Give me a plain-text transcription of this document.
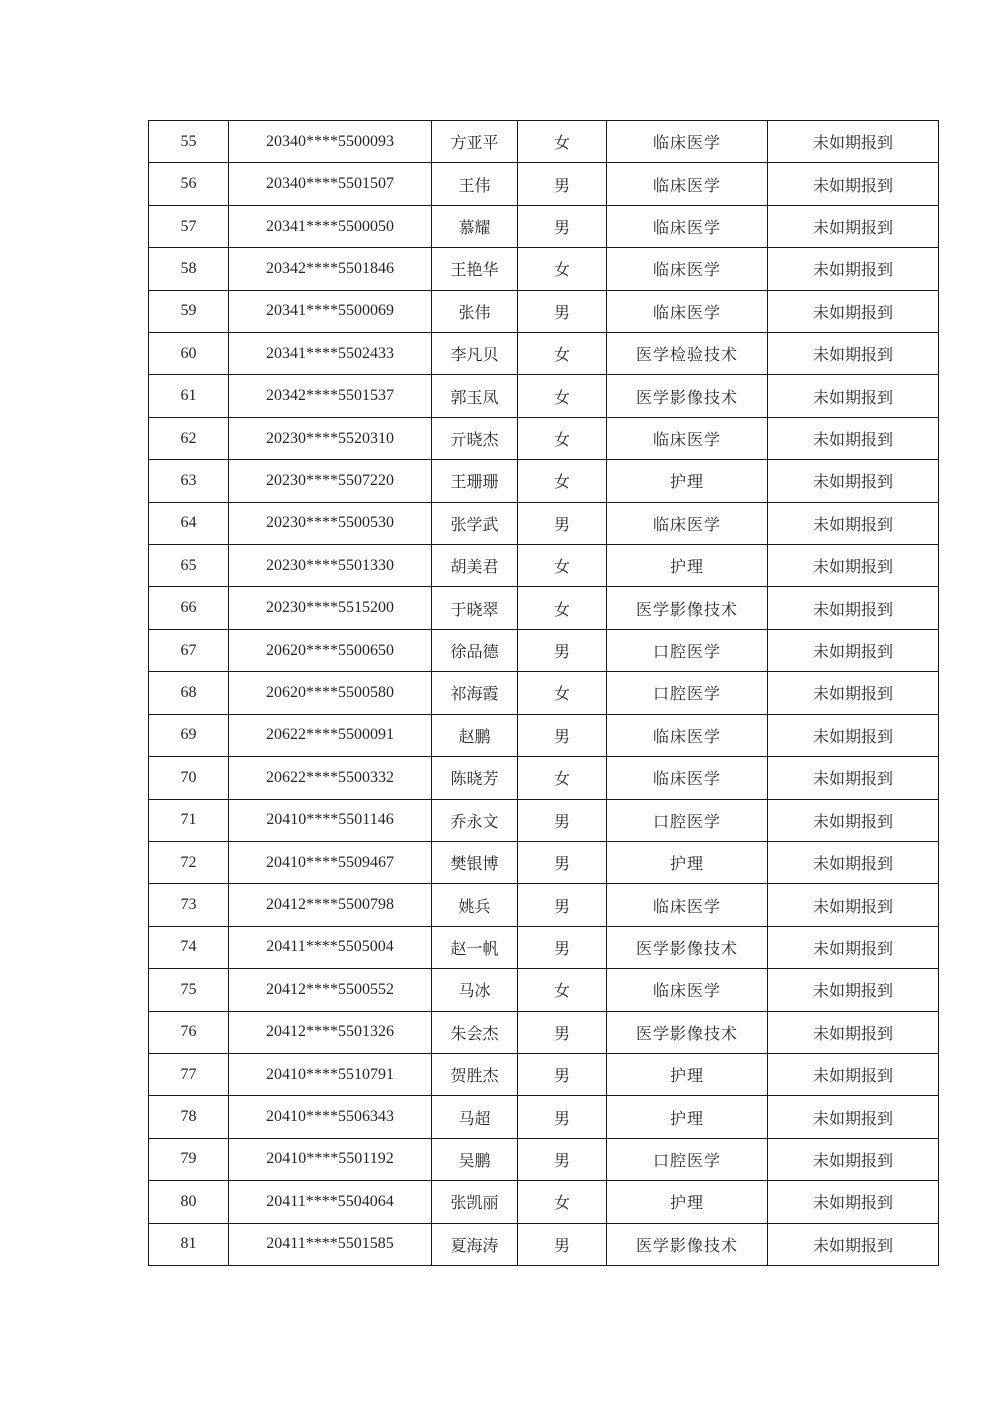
55	20340****5500093	方亚平	女	临床医学	未如期报到
56	20340****5501507	王伟	男	临床医学	未如期报到
57	20341****5500050	慕耀	男	临床医学	未如期报到
58	20342****5501846	王艳华	女	临床医学	未如期报到
59	20341****5500069	张伟	男	临床医学	未如期报到
60	20341****5502433	李凡贝	女	医学检验技术	未如期报到
61	20342****5501537	郭玉凤	女	医学影像技术	未如期报到
62	20230****5520310	亓晓杰	女	临床医学	未如期报到
63	20230****5507220	王珊珊	女	护理	未如期报到
64	20230****5500530	张学武	男	临床医学	未如期报到
65	20230****5501330	胡美君	女	护理	未如期报到
66	20230****5515200	于晓翠	女	医学影像技术	未如期报到
67	20620****5500650	徐品德	男	口腔医学	未如期报到
68	20620****5500580	祁海霞	女	口腔医学	未如期报到
69	20622****5500091	赵鹏	男	临床医学	未如期报到
70	20622****5500332	陈晓芳	女	临床医学	未如期报到
71	20410****5501146	乔永文	男	口腔医学	未如期报到
72	20410****5509467	樊银博	男	护理	未如期报到
73	20412****5500798	姚兵	男	临床医学	未如期报到
74	20411****5505004	赵一帆	男	医学影像技术	未如期报到
75	20412****5500552	马冰	女	临床医学	未如期报到
76	20412****5501326	朱会杰	男	医学影像技术	未如期报到
77	20410****5510791	贺胜杰	男	护理	未如期报到
78	20410****5506343	马超	男	护理	未如期报到
79	20410****5501192	吴鹏	男	口腔医学	未如期报到
80	20411****5504064	张凯丽	女	护理	未如期报到
81	20411****5501585	夏海涛	男	医学影像技术	未如期报到
